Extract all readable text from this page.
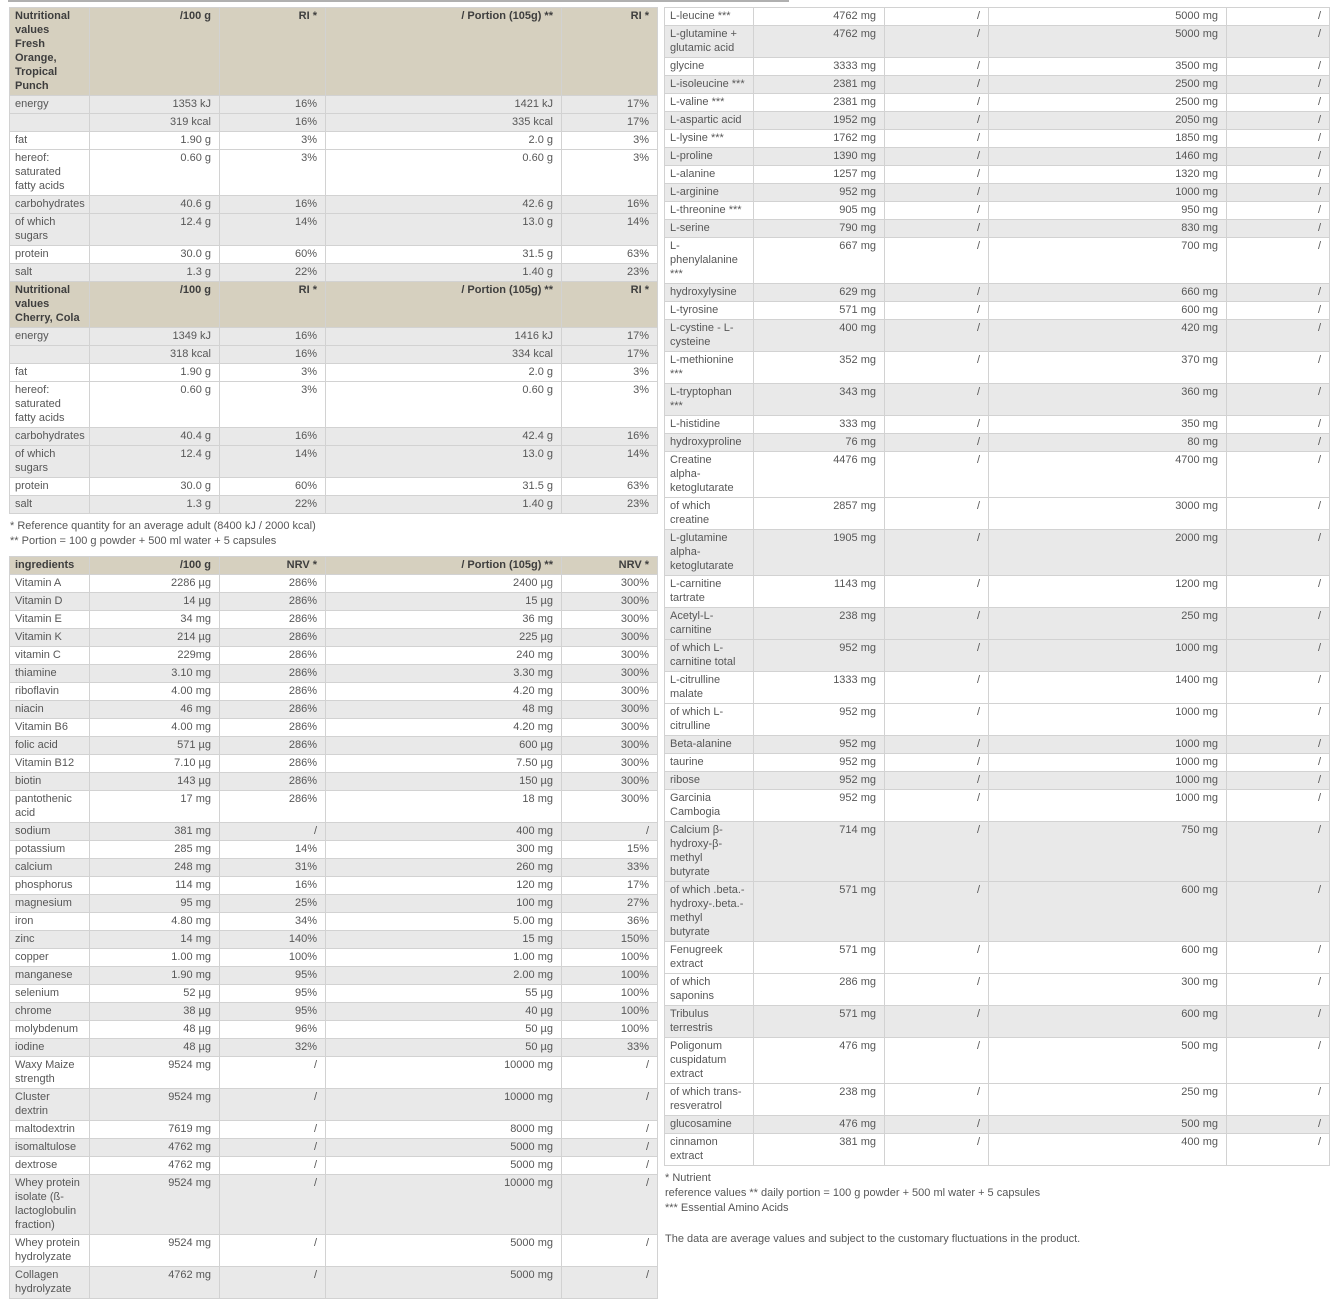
Nutritional values Fresh Orange, Tropical Punch	/100 g	RI *	/ Portion (105g) **	RI *
energy	1353 kJ	16%	1421 kJ	17%
	319 kcal	16%	335 kcal	17%
fat	1.90 g	3%	2.0 g	3%
hereof: saturated fatty acids	0.60 g	3%	0.60 g	3%
carbohydrates	40.6 g	16%	42.6 g	16%
of which sugars	12.4 g	14%	13.0 g	14%
protein	30.0 g	60%	31.5 g	63%
salt	1.3 g	22%	1.40 g	23%
Nutritional values Cherry, Cola	/100 g	RI *	/ Portion (105g) **	RI *
energy	1349 kJ	16%	1416 kJ	17%
	318 kcal	16%	334 kcal	17%
fat	1.90 g	3%	2.0 g	3%
hereof: saturated fatty acids	0.60 g	3%	0.60 g	3%
carbohydrates	40.4 g	16%	42.4 g	16%
of which sugars	12.4 g	14%	13.0 g	14%
protein	30.0 g	60%	31.5 g	63%
salt	1.3 g	22%	1.40 g	23%
* Reference quantity for an average adult (8400 kJ / 2000 kcal)
** Portion = 100 g powder + 500 ml water + 5 capsules
ingredients	/100 g	NRV *	/ Portion (105g) **	NRV *
Vitamin A	2286 µg	286%	2400 µg	300%
Vitamin D	14 µg	286%	15 µg	300%
Vitamin E	34 mg	286%	36 mg	300%
Vitamin K	214 µg	286%	225 µg	300%
vitamin C	229mg	286%	240 mg	300%
thiamine	3.10 mg	286%	3.30 mg	300%
riboflavin	4.00 mg	286%	4.20 mg	300%
niacin	46 mg	286%	48 mg	300%
Vitamin B6	4.00 mg	286%	4.20 mg	300%
folic acid	571 µg	286%	600 µg	300%
Vitamin B12	7.10 µg	286%	7.50 µg	300%
biotin	143 µg	286%	150 µg	300%
pantothenic acid	17 mg	286%	18 mg	300%
sodium	381 mg	/	400 mg	/
potassium	285 mg	14%	300 mg	15%
calcium	248 mg	31%	260 mg	33%
phosphorus	114 mg	16%	120 mg	17%
magnesium	95 mg	25%	100 mg	27%
iron	4.80 mg	34%	5.00 mg	36%
zinc	14 mg	140%	15 mg	150%
copper	1.00 mg	100%	1.00 mg	100%
manganese	1.90 mg	95%	2.00 mg	100%
selenium	52 µg	95%	55 µg	100%
chrome	38 µg	95%	40 µg	100%
molybdenum	48 µg	96%	50 µg	100%
iodine	48 µg	32%	50 µg	33%
Waxy Maize strength	9524 mg	/	10000 mg	/
Cluster dextrin	9524 mg	/	10000 mg	/
maltodextrin	7619 mg	/	8000 mg	/
isomaltulose	4762 mg	/	5000 mg	/
dextrose	4762 mg	/	5000 mg	/
Whey protein isolate (ß-lactoglobulin fraction)	9524 mg	/	10000 mg	/
Whey protein hydrolyzate	9524 mg	/	5000 mg	/
Collagen hydrolyzate	4762 mg	/	5000 mg	/
L-leucine ***	4762 mg	/	5000 mg	/
L-glutamine + glutamic acid	4762 mg	/	5000 mg	/
glycine	3333 mg	/	3500 mg	/
L-isoleucine ***	2381 mg	/	2500 mg	/
L-valine ***	2381 mg	/	2500 mg	/
L-aspartic acid	1952 mg	/	2050 mg	/
L-lysine ***	1762 mg	/	1850 mg	/
L-proline	1390 mg	/	1460 mg	/
L-alanine	1257 mg	/	1320 mg	/
L-arginine	952 mg	/	1000 mg	/
L-threonine ***	905 mg	/	950 mg	/
L-serine	790 mg	/	830 mg	/
L-phenylalanine ***	667 mg	/	700 mg	/
hydroxylysine	629 mg	/	660 mg	/
L-tyrosine	571 mg	/	600 mg	/
L-cystine - L-cysteine	400 mg	/	420 mg	/
L-methionine ***	352 mg	/	370 mg	/
L-tryptophan ***	343 mg	/	360 mg	/
L-histidine	333 mg	/	350 mg	/
hydroxyproline	76 mg	/	80 mg	/
Creatine alpha-ketoglutarate	4476 mg	/	4700 mg	/
of which creatine	2857 mg	/	3000 mg	/
L-glutamine alpha-ketoglutarate	1905 mg	/	2000 mg	/
L-carnitine tartrate	1143 mg	/	1200 mg	/
Acetyl-L-carnitine	238 mg	/	250 mg	/
of which L-carnitine total	952 mg	/	1000 mg	/
L-citrulline malate	1333 mg	/	1400 mg	/
of which L-citrulline	952 mg	/	1000 mg	/
Beta-alanine	952 mg	/	1000 mg	/
taurine	952 mg	/	1000 mg	/
ribose	952 mg	/	1000 mg	/
Garcinia Cambogia	952 mg	/	1000 mg	/
Calcium β-hydroxy-β-methyl butyrate	714 mg	/	750 mg	/
of which .beta.-hydroxy-.beta.-methyl butyrate	571 mg	/	600 mg	/
Fenugreek extract	571 mg	/	600 mg	/
of which saponins	286 mg	/	300 mg	/
Tribulus terrestris	571 mg	/	600 mg	/
Poligonum cuspidatum extract	476 mg	/	500 mg	/
of which trans-resveratrol	238 mg	/	250 mg	/
glucosamine	476 mg	/	500 mg	/
cinnamon extract	381 mg	/	400 mg	/
* Nutrient
reference values ** daily portion = 100 g powder + 500 ml water + 5 capsules
*** Essential Amino Acids

The data are average values and subject to the customary fluctuations in the product.
